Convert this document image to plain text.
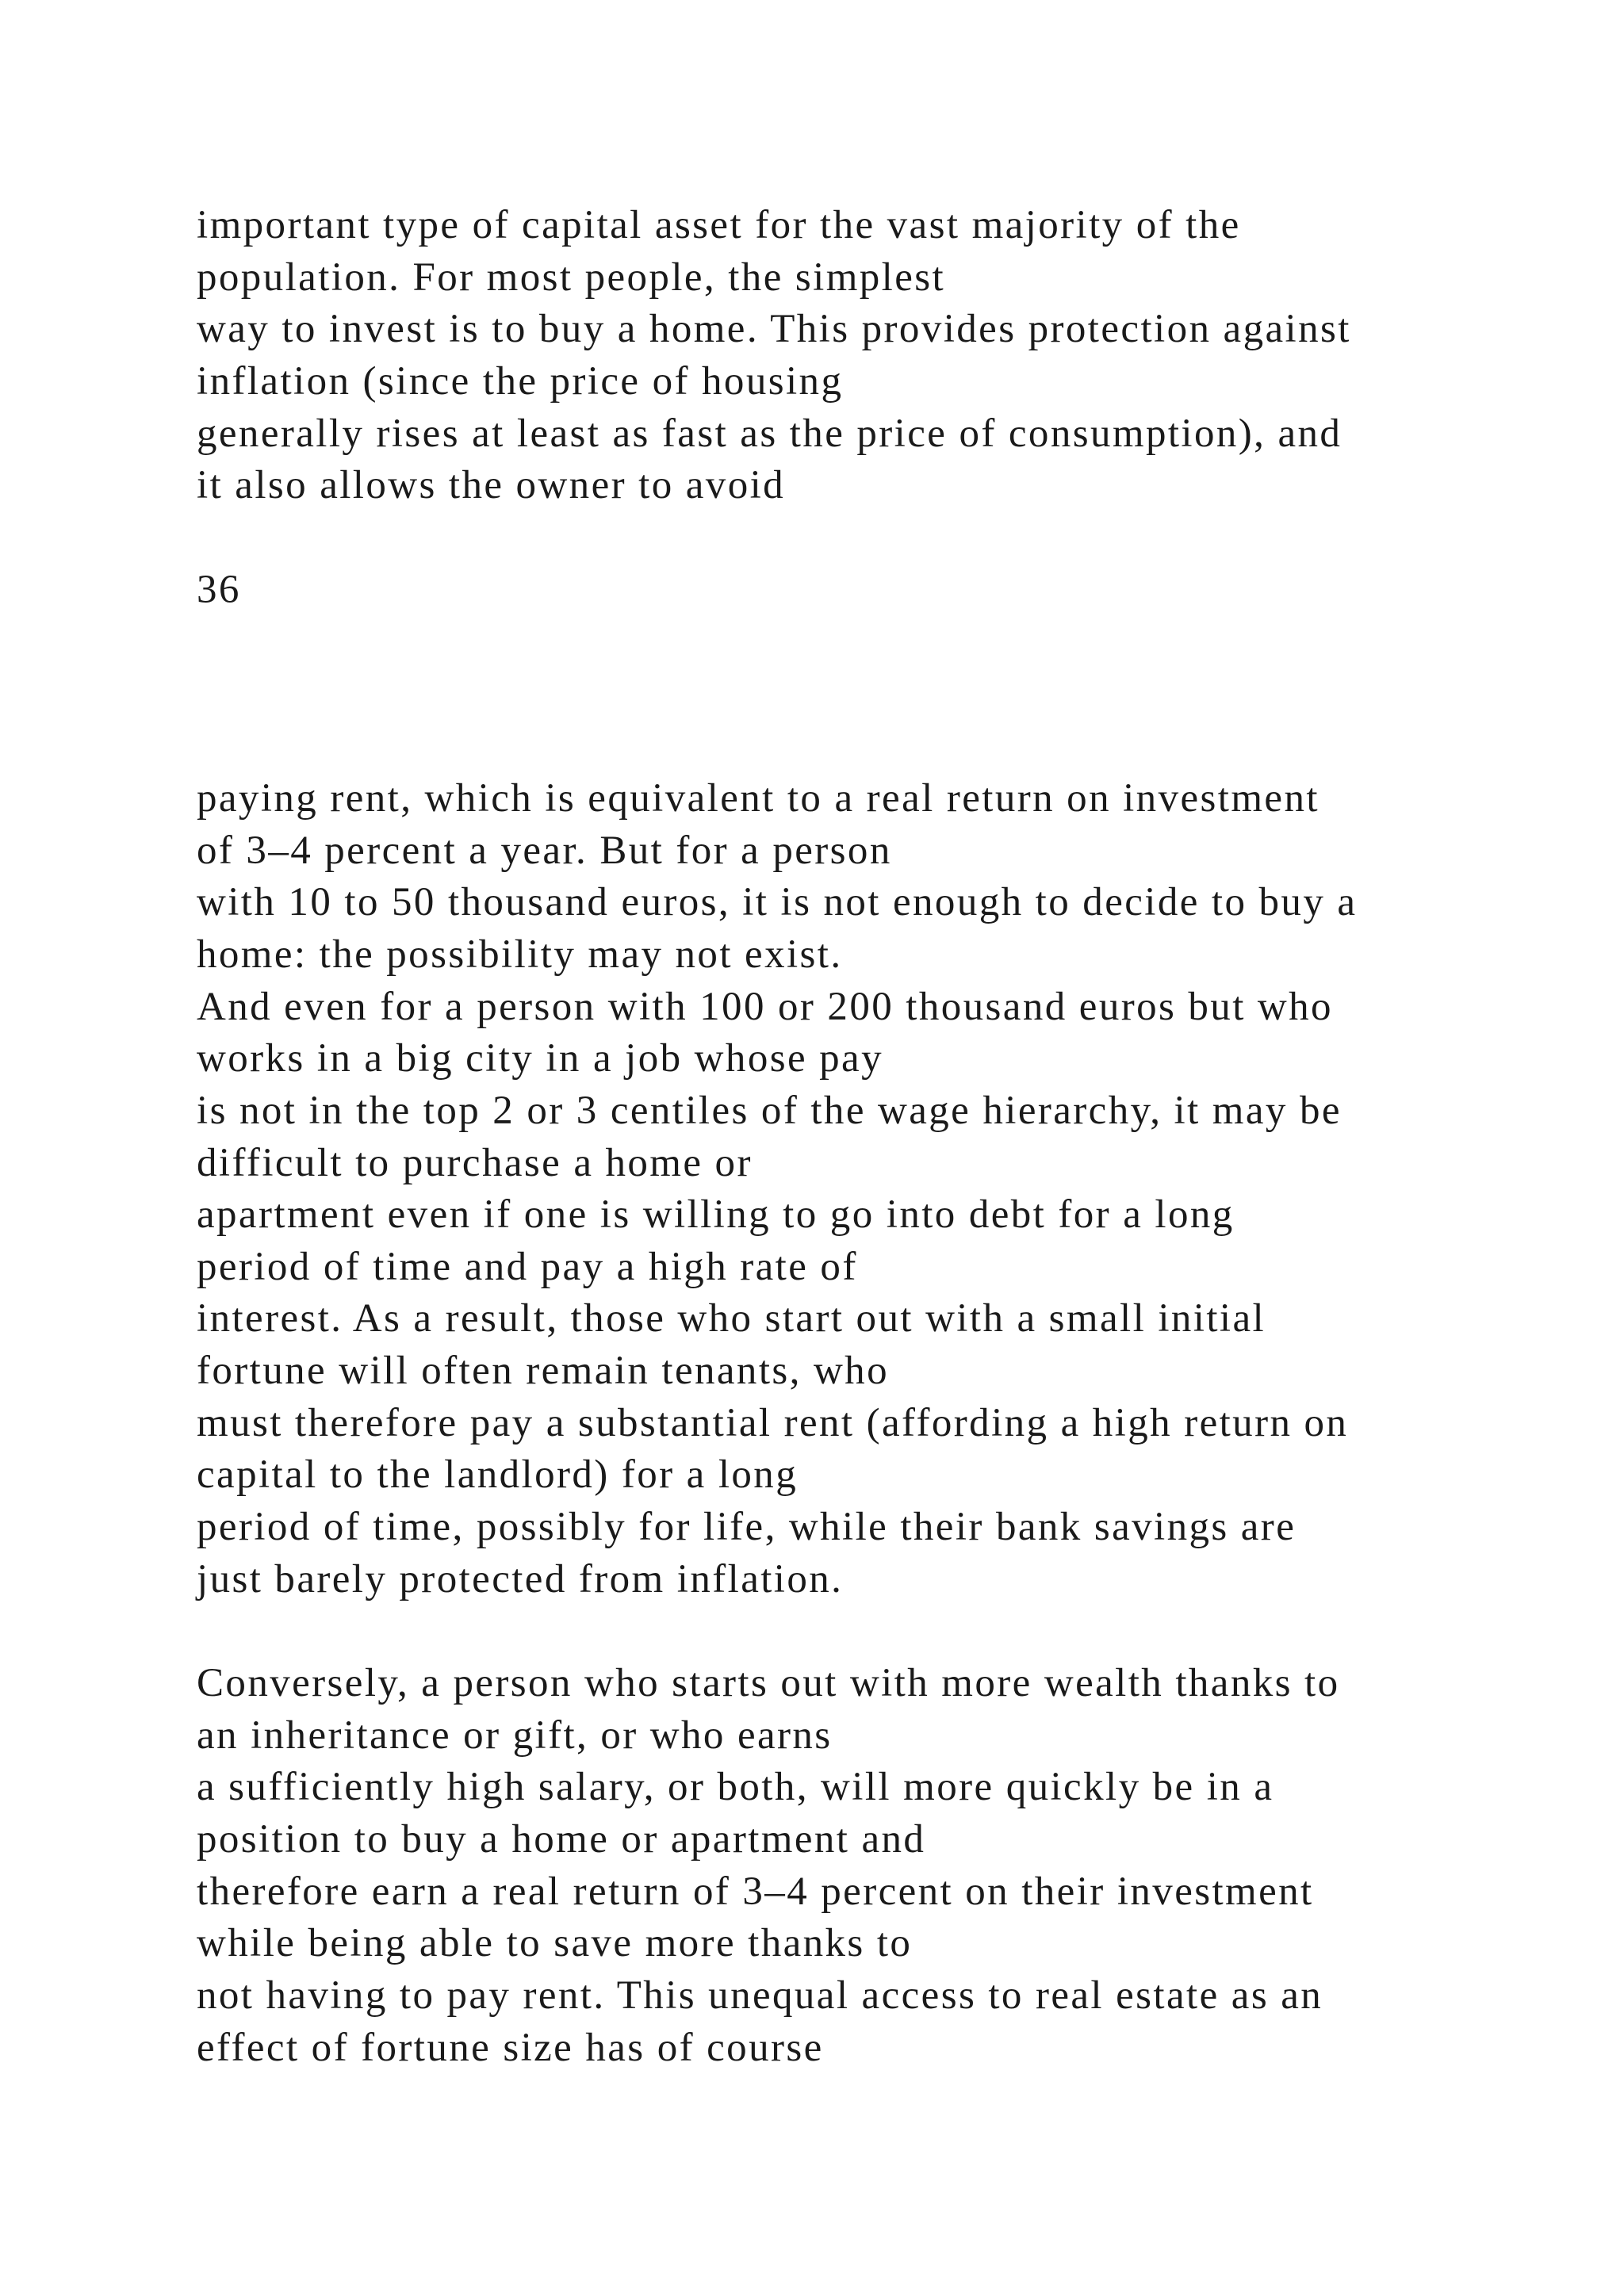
important type of capital asset for the vast majority of the
population. For most people, the simplest
way to invest is to buy a home. This provides protection against
inflation (since the price of housing
generally rises at least as fast as the price of consumption), and
it also allows the owner to avoid
36
paying rent, which is equivalent to a real return on investment
of 3–4 percent a year. But for a person
with 10 to 50 thousand euros, it is not enough to decide to buy a
home: the possibility may not exist.
And even for a person with 100 or 200 thousand euros but who
works in a big city in a job whose pay
is not in the top 2 or 3 centiles of the wage hierarchy, it may be
difficult to purchase a home or
apartment even if one is willing to go into debt for a long
period of time and pay a high rate of
interest. As a result, those who start out with a small initial
fortune will often remain tenants, who
must therefore pay a substantial rent (affording a high return on
capital to the landlord) for a long
period of time, possibly for life, while their bank savings are
just barely protected from inflation.
Conversely, a person who starts out with more wealth thanks to
an inheritance or gift, or who earns
a sufficiently high salary, or both, will more quickly be in a
position to buy a home or apartment and
therefore earn a real return of 3–4 percent on their investment
while being able to save more thanks to
not having to pay rent. This unequal access to real estate as an
effect of fortune size has of course
